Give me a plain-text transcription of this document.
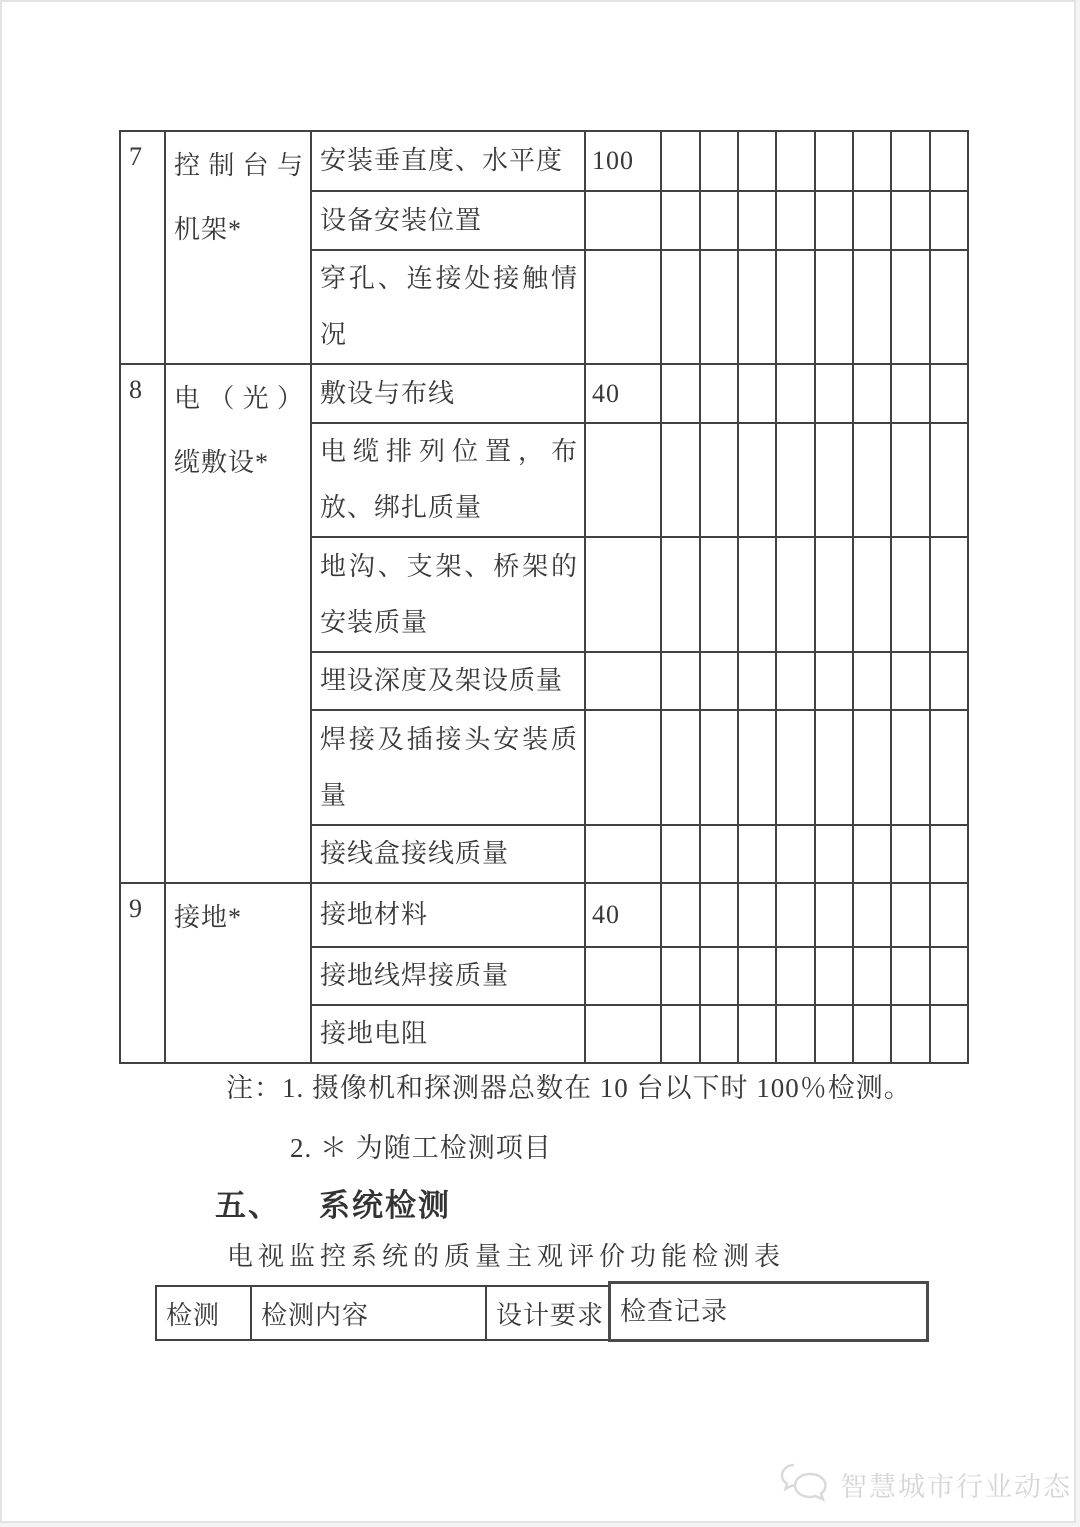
7	控制台与机架*	安装垂直度、水平度	100								
		设备安装位置									
		穿孔、连接处接触情况									
8	电（光）缆敷设*	敷设与布线	40								
		电缆排列位置，布放、绑扎质量									
		地沟、支架、桥架的安装质量									
		埋设深度及架设质量									
		焊接及插接头安装质量									
		接线盒接线质量									
9	接地*	接地材料	40								
		接地线焊接质量									
		接地电阻									
注：1. 摄像机和探测器总数在 10 台以下时 100％检测。
2. ＊ 为随工检测项目
五、 系统检测
电视监控系统的质量主观评价功能检测表
检测	检测内容	设计要求 检查记录
智慧城市行业动态
